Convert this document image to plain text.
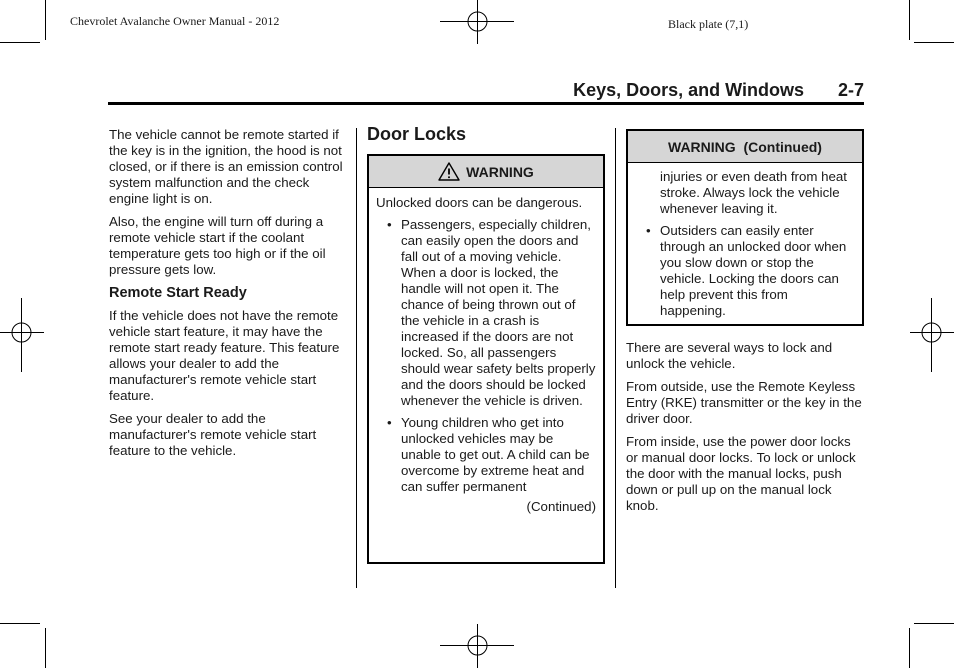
Chevrolet Avalanche Owner Manual - 2012	Black plate (7,1)
Keys, Doors, and Windows 2-7

The vehicle cannot be remote started if the key is in the ignition, the hood is not closed, or if there is an emission control system malfunction and the check engine light is on.

Also, the engine will turn off during a remote vehicle start if the coolant temperature gets too high or if the oil pressure gets low.

Remote Start Ready

If the vehicle does not have the remote vehicle start feature, it may have the remote start ready feature. This feature allows your dealer to add the manufacturer's remote vehicle start feature.

See your dealer to add the manufacturer's remote vehicle start feature to the vehicle.

Door Locks
WARNING

Unlocked doors can be dangerous.

• Passengers, especially children, can easily open the doors and fall out of a moving vehicle. When a door is locked, the handle will not open it. The chance of being thrown out of the vehicle in a crash is increased if the doors are not locked. So, all passengers should wear safety belts properly and the doors should be locked whenever the vehicle is driven.
• Young children who get into unlocked vehicles may be unable to get out. A child can be overcome by extreme heat and can suffer permanent
(Continued)
WARNING  (Continued)

injuries or even death from heat stroke. Always lock the vehicle whenever leaving it.

• Outsiders can easily enter through an unlocked door when you slow down or stop the vehicle. Locking the doors can help prevent this from happening.

There are several ways to lock and unlock the vehicle.

From outside, use the Remote Keyless Entry (RKE) transmitter or the key in the driver door.

From inside, use the power door locks or manual door locks. To lock or unlock the door with the manual locks, push down or pull up on the manual lock knob.
